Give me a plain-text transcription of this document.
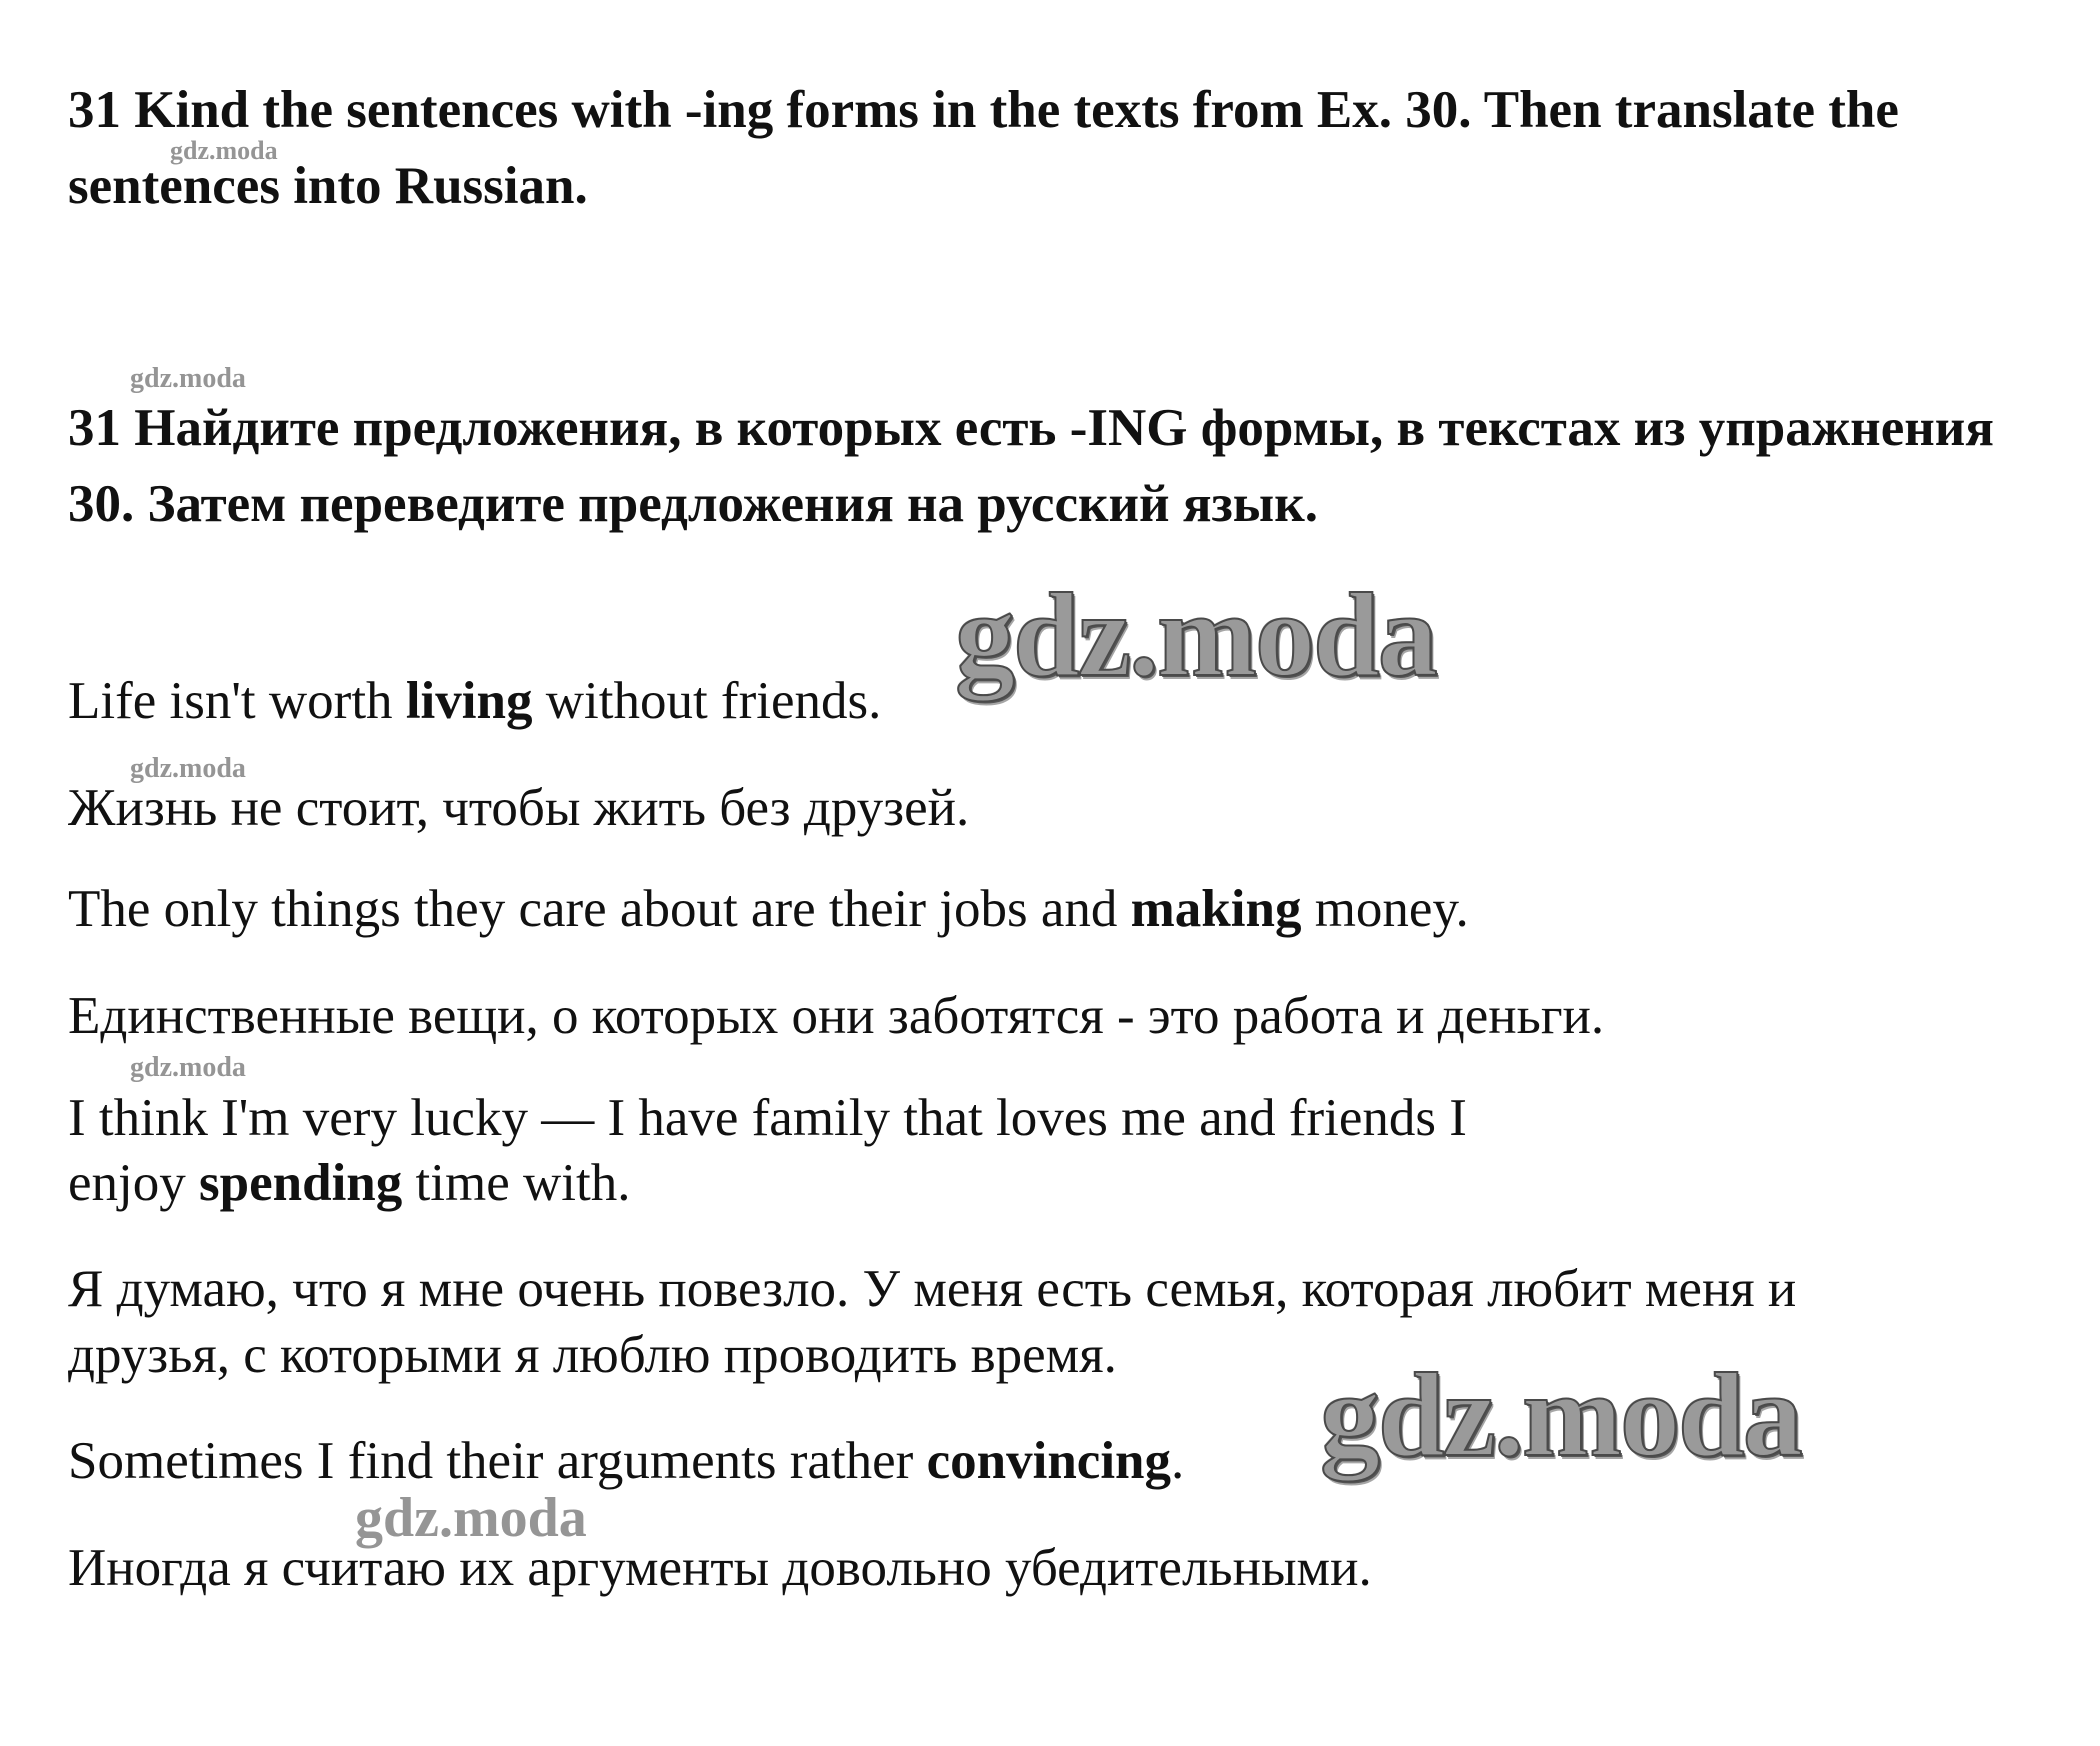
31 Kind the sentences with -ing forms in the texts from Ex. 30. Then translate the sentences into Russian.

31 Найдите предложения, в которых есть -ING формы, в текстах из упражнения 30. Затем переведите предложения на русский язык.

Life isn't worth living without friends.

Жизнь не стоит, чтобы жить без друзей.

The only things they care about are their jobs and making money.

Единственные вещи, о которых они заботятся - это работа и деньги.

I think I'm very lucky — I have family that loves me and friends I

enjoy spending time with.

Я думаю, что я мне очень повезло. У меня есть семья, которая любит меня и

друзья, с которыми я люблю проводить время.

Sometimes I find their arguments rather convincing.

Иногда я считаю их аргументы довольно убедительными.

gdz.moda
gdz.moda
gdz.moda
gdz.moda
gdz.moda
gdz.moda
gdz.moda
